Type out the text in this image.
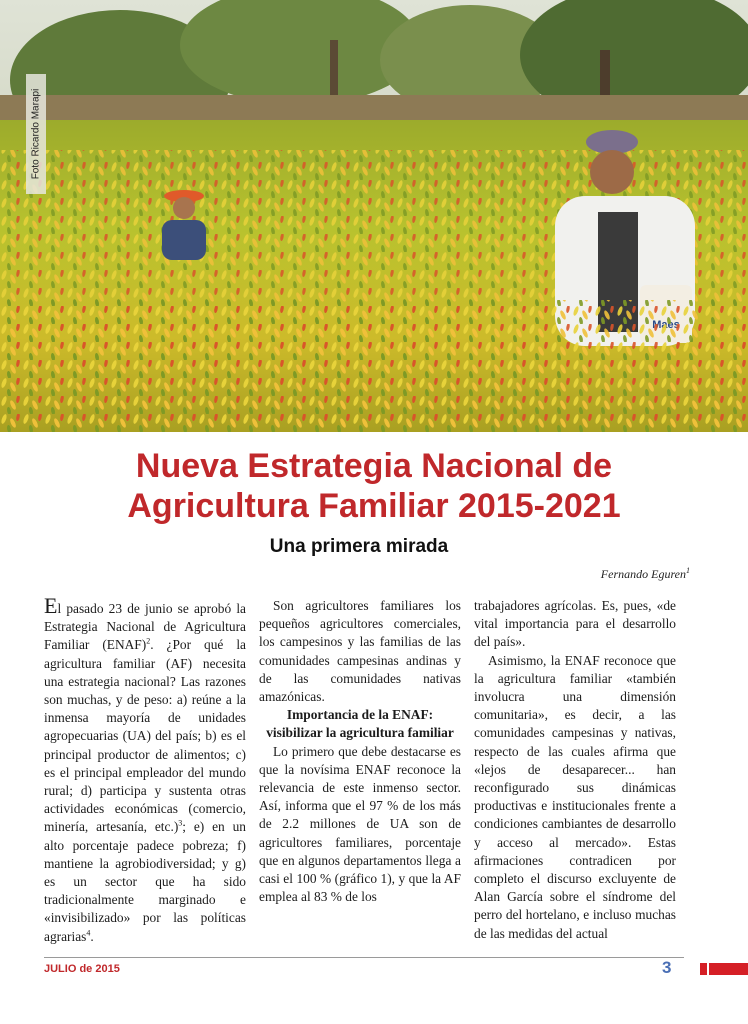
Foto Ricardo Marapi
Nueva Estrategia Nacional de
Agricultura Familiar 2015-2021
Una primera mirada
Fernando Eguren$^1$

El pasado 23 de junio se aprobó la Estrategia Nacional de Agricultura Familiar (ENAF)$^2$. ¿Por qué la agricultura familiar (AF) necesita una estrategia nacional? Las razones son muchas, y de peso: a) reúne a la inmensa mayoría de unidades agropecuarias (UA) del país; b) es el principal productor de alimentos; c) es el principal empleador del mundo rural; d) participa y sustenta otras actividades económicas (comercio, minería, artesanía, etc.)$^3$; e) en un alto porcentaje padece pobreza; f) mantiene la agrobiodiversidad; y g) es un sector que ha sido tradicionalmente marginado e «invisibilizado» por las políticas agrarias$^4$.

Son agricultores familiares los pequeños agricultores comerciales, los campesinos y las familias de las comunidades campesinas andinas y de las comunidades nativas amazónicas.

Importancia de la ENAF: visibilizar la agricultura familiar

Lo primero que debe destacarse es que la novísima ENAF reconoce la relevancia de este inmenso sector. Así, informa que el 97 % de los más de 2.2 millones de UA son de agricultores familiares, porcentaje que en algunos departamentos llega a casi el 100 % (gráfico 1), y que la AF emplea al 83 % de los

trabajadores agrícolas. Es, pues, «de vital importancia para el desarrollo del país».

Asimismo, la ENAF reconoce que la agricultura familiar «también involucra una dimensión comunitaria», es decir, a las comunidades campesinas y nativas, respecto de las cuales afirma que «lejos de desaparecer... han reconfigurado sus dinámicas productivas e institucionales frente a condiciones cambiantes de desarrollo y acceso al mercado». Estas afirmaciones contradicen por completo el discurso excluyente de Alan García sobre el síndrome del perro del hortelano, e incluso muchas de las medidas del actual

JULIO de 2015	3
